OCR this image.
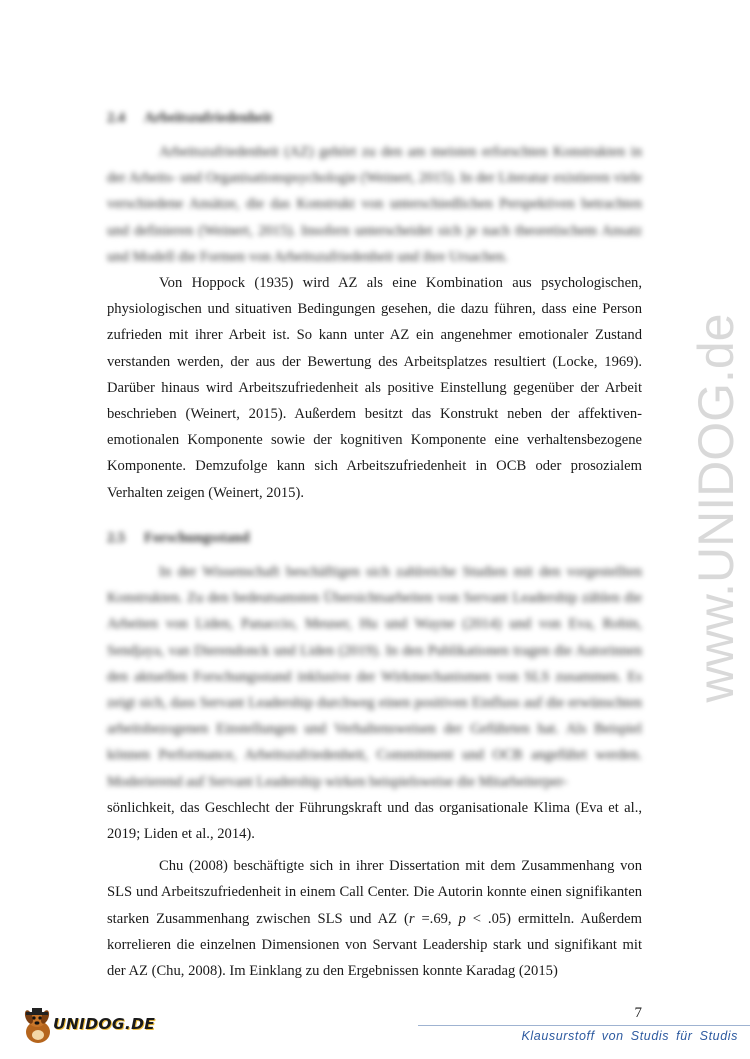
2.4 Arbeitszufriedenheit

Arbeitszufriedenheit (AZ) gehört zu den am meisten erforschten Konstrukten in der Arbeits- und Organisationspsychologie (Weinert, 2015). In der Literatur existieren viele verschiedene Ansätze, die das Konstrukt von unterschiedlichen Perspektiven betrachten und definieren (Weinert, 2015). Insofern unterscheidet sich je nach theoretischem Ansatz und Modell die Formen von Arbeitszufriedenheit und ihre Ursachen.

Von Hoppock (1935) wird AZ als eine Kombination aus psychologischen, physiologischen und situativen Bedingungen gesehen, die dazu führen, dass eine Person zufrieden mit ihrer Arbeit ist. So kann unter AZ ein angenehmer emotionaler Zustand verstanden werden, der aus der Bewertung des Arbeitsplatzes resultiert (Locke, 1969). Darüber hinaus wird Arbeitszufriedenheit als positive Einstellung gegenüber der Arbeit beschrieben (Weinert, 2015). Außerdem besitzt das Konstrukt neben der affektiven-emotionalen Komponente sowie der kognitiven Komponente eine verhaltensbezogene Komponente. Demzufolge kann sich Arbeitszufriedenheit in OCB oder prosozialem Verhalten zeigen (Weinert, 2015).

2.5 Forschungsstand

In der Wissenschaft beschäftigen sich zahlreiche Studien mit den vorgestellten Konstrukten. Zu den bedeutsamsten Übersichtsarbeiten von Servant Leadership zählen die Arbeiten von Liden, Panaccio, Meuser, Hu und Wayne (2014) und von Eva, Robin, Sendjaya, van Dierendonck und Liden (2019). In den Publikationen tragen die Autorinnen den aktuellen Forschungsstand inklusive der Wirkmechanismen von SLS zusammen. Es zeigt sich, dass Servant Leadership durchweg einen positiven Einfluss auf die erwünschten arbeitsbezogenen Einstellungen und Verhaltensweisen der Geführten hat. Als Beispiel können Performance, Arbeitszufriedenheit, Commitment und OCB angeführt werden. Moderierend auf Servant Leadership wirken beispielsweise die Mitarbeiterper-

sönlichkeit, das Geschlecht der Führungskraft und das organisationale Klima (Eva et al., 2019; Liden et al., 2014).

Chu (2008) beschäftigte sich in ihrer Dissertation mit dem Zusammenhang von SLS und Arbeitszufriedenheit in einem Call Center. Die Autorin konnte einen signifikanten starken Zusammenhang zwischen SLS und AZ (r =.69, p < .05) ermitteln. Außerdem korrelieren die einzelnen Dimensionen von Servant Leadership stark und signifikant mit der AZ (Chu, 2008). Im Einklang zu den Ergebnissen konnte Karadag (2015)

www.UNIDOG.de
7
UNIDOG.DE
Klausurstoff von Studis für Studis
